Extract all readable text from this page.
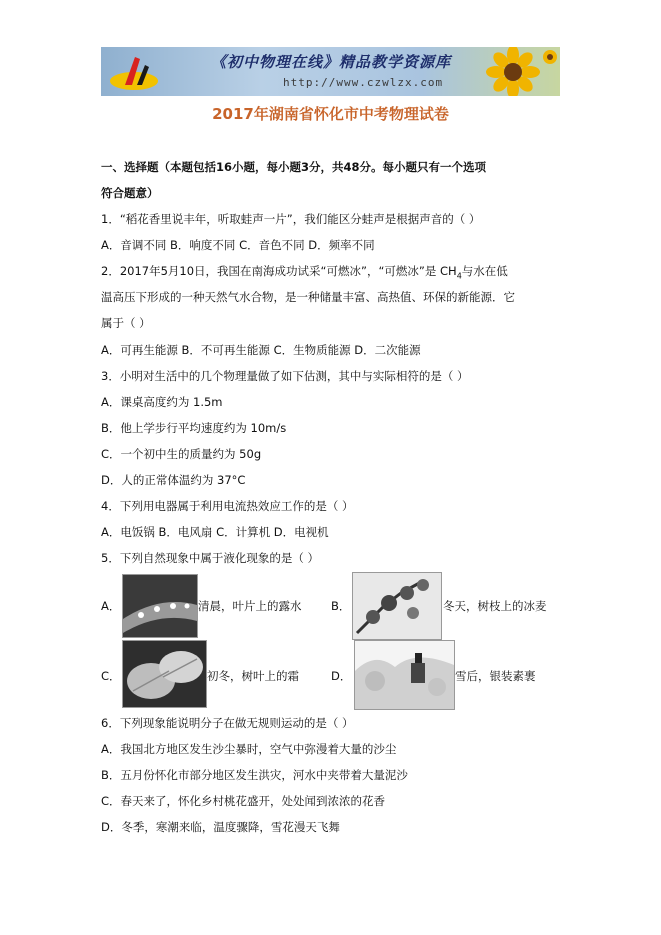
《初中物理在线》精品教学资源库
http://www.czwlzx.com
2017年湖南省怀化市中考物理试卷
一、选择题（本题包括16小题，每小题3分，共48分。每小题只有一个选项
符合题意）
1．“稻花香里说丰年，听取蛙声一片”，我们能区分蛙声是根据声音的（ ）
A．音调不同 B．响度不同 C．音色不同 D．频率不同
2．2017年5月10日，我国在南海成功试采“可燃冰”，“可燃冰”是 $CH_4$与水在低
温高压下形成的一种天然气水合物，是一种储量丰富、高热值、环保的新能源．它
属于（ ）
A．可再生能源 B．不可再生能源 C．生物质能源 D．二次能源
3．小明对生活中的几个物理量做了如下估测，其中与实际相符的是（ ）
A．课桌高度约为 1.5m
B．他上学步行平均速度约为 10m/s
C．一个初中生的质量约为 50g
D．人的正常体温约为 37°C
4．下列用电器属于利用电流热效应工作的是（ ）
A．电饭锅 B．电风扇 C．计算机 D．电视机
5．下列自然现象中属于液化现象的是（ ）
A．	清晨，叶片上的露水	B．	冬天，树枝上的冰麦
C．	初冬，树叶上的霜	D．	雪后，银装素裹
6．下列现象能说明分子在做无规则运动的是（ ）
A．我国北方地区发生沙尘暴时，空气中弥漫着大量的沙尘
B．五月份怀化市部分地区发生洪灾，河水中夹带着大量泥沙
C．春天来了，怀化乡村桃花盛开，处处闻到浓浓的花香
D．冬季，寒潮来临，温度骤降，雪花漫天飞舞
